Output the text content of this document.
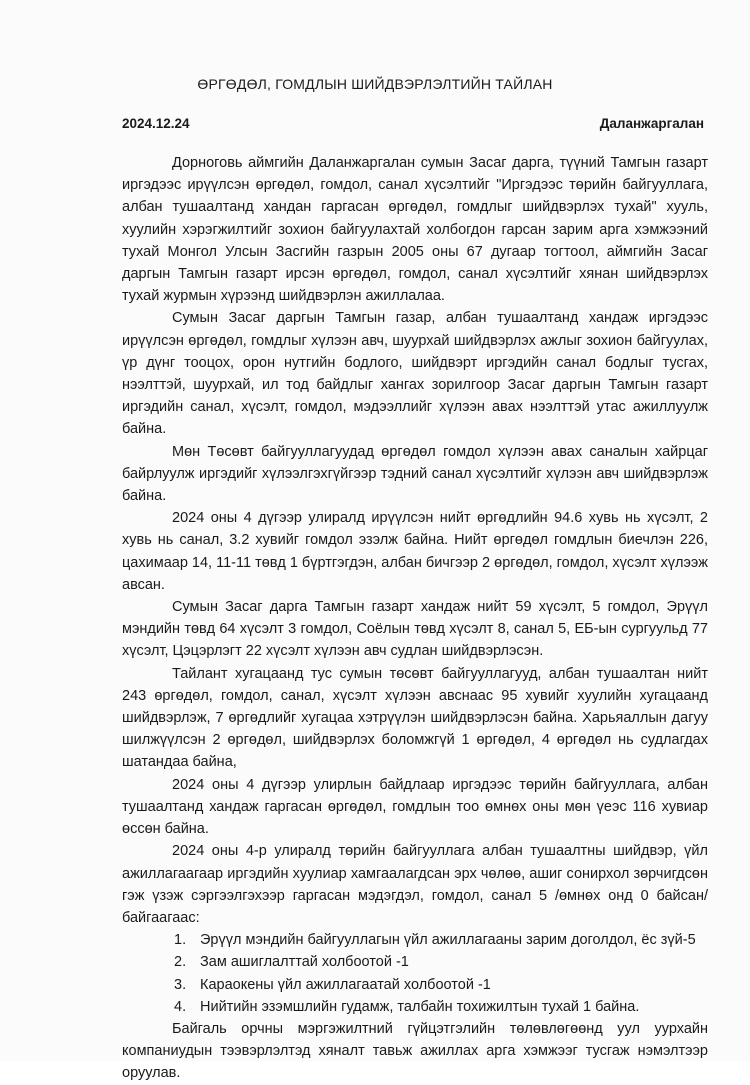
ӨРГӨДӨЛ, ГОМДЛЫН ШИЙДВЭРЛЭЛТИЙН ТАЙЛАН
2024.12.24	Даланжаргалан

Дорноговь аймгийн Даланжаргалан сумын Засаг дарга, түүний Тамгын газарт иргэдээс ирүүлсэн өргөдөл, гомдол, санал хүсэлтийг "Иргэдээс төрийн байгууллага, албан тушаалтанд хандан гаргасан өргөдөл, гомдлыг шийдвэрлэх тухай" хууль, хуулийн хэрэгжилтийг зохион байгуулахтай холбогдон гарсан зарим арга хэмжээний тухай Монгол Улсын Засгийн газрын 2005 оны 67 дугаар тогтоол, аймгийн Засаг даргын Тамгын газарт ирсэн өргөдөл, гомдол, санал хүсэлтийг хянан шийдвэрлэх тухай журмын хүрээнд шийдвэрлэн ажиллалаа.

Сумын Засаг даргын Тамгын газар, албан тушаалтанд хандаж иргэдээс ирүүлсэн өргөдөл, гомдлыг хүлээн авч, шуурхай шийдвэрлэх ажлыг зохион байгуулах, үр дүнг тооцох, орон нутгийн бодлого, шийдвэрт иргэдийн санал бодлыг тусгах, нээлттэй, шуурхай, ил тод байдлыг хангах зорилгоор Засаг даргын Тамгын газарт иргэдийн санал, хүсэлт, гомдол, мэдээллийг хүлээн авах нээлттэй утас ажиллуулж байна.

Мөн Төсөвт байгууллагуудад өргөдөл гомдол хүлээн авах саналын хайрцаг байрлуулж иргэдийг хүлээлгэхгүйгээр тэдний санал хүсэлтийг хүлээн авч шийдвэрлэж байна.

2024 оны 4 дүгээр улиралд ирүүлсэн нийт өргөдлийн 94.6 хувь нь хүсэлт, 2 хувь нь санал, 3.2 хувийг гомдол эзэлж байна. Нийт өргөдөл гомдлын биечлэн 226, цахимаар 14, 11-11 төвд 1 бүртгэгдэн, албан бичгээр 2 өргөдөл, гомдол, хүсэлт хүлээж авсан.

Сумын Засаг дарга Тамгын газарт хандаж нийт 59 хүсэлт, 5 гомдол, Эрүүл мэндийн төвд 64 хүсэлт 3 гомдол, Соёлын төвд хүсэлт 8, санал 5, ЕБ-ын сургуульд 77 хүсэлт, Цэцэрлэгт 22 хүсэлт хүлээн авч судлан шийдвэрлэсэн.

Тайлант хугацаанд тус сумын төсөвт байгууллагууд, албан тушаалтан нийт 243 өргөдөл, гомдол, санал, хүсэлт хүлээн авснаас 95 хувийг хуулийн хугацаанд шийдвэрлэж, 7 өргөдлийг хугацаа хэтрүүлэн шийдвэрлэсэн байна. Харьяаллын дагуу шилжүүлсэн 2 өргөдөл, шийдвэрлэх боломжгүй 1 өргөдөл, 4 өргөдөл нь судлагдах шатандаа байна,

2024 оны 4 дүгээр улирлын байдлаар иргэдээс төрийн байгууллага, албан тушаалтанд хандаж гаргасан өргөдөл, гомдлын тоо өмнөх оны мөн үеэс 116 хувиар өссөн байна.

2024 оны 4-р улиралд төрийн байгууллага албан тушаалтны шийдвэр, үйл ажиллагаагаар иргэдийн хуулиар хамгаалагдсан эрх чөлөө, ашиг сонирхол зөрчигдсөн гэж үзэж сэргээлгэхээр гаргасан мэдэгдэл, гомдол, санал 5 /өмнөх онд 0 байсан/ байгаагаас:

1. Эрүүл мэндийн байгууллагын үйл ажиллагааны зарим доголдол, ёс зүй-5
2. Зам ашиглалттай холбоотой -1
3. Караокены үйл ажиллагаатай холбоотой -1
4. Нийтийн эзэмшлийн гудамж, талбайн тохижилтын тухай 1 байна.

Байгаль орчны мэргэжилтний гүйцэтгэлийн төлөвлөгөөнд уул уурхайн компаниудын тээвэрлэлтэд хяналт тавьж ажиллах арга хэмжээг тусгаж нэмэлтээр оруулав.
